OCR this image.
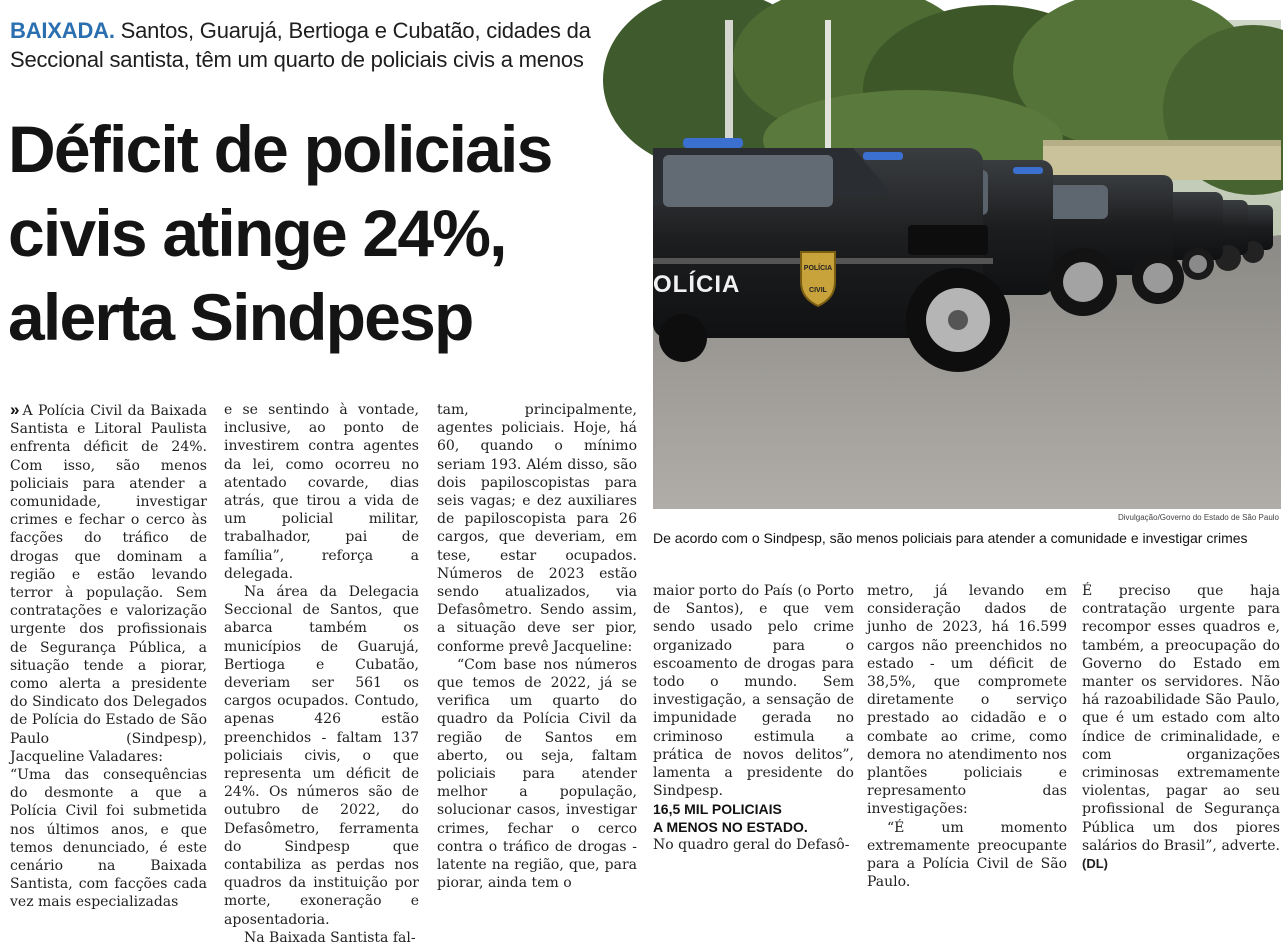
BAIXADA. Santos, Guarujá, Bertioga e Cubatão, cidades da
Seccional santista, têm um quarto de policiais civis a menos

Déficit de policiais
civis atinge 24%,
alerta Sindpesp
POLÍCIA
CIVIL
OLÍCIA
Divulgação/Governo do Estado de São Paulo
De acordo com o Sindpesp, são menos policiais para atender a comunidade e investigar crimes

» A Polícia Civil da Baixada Santista e Litoral Paulista enfrenta déficit de 24%. Com isso, são menos policiais para atender a comunidade, investigar crimes e fechar o cerco às facções do tráfico de drogas que dominam a região e estão levando terror à população. Sem contratações e valorização urgente dos profissionais de Segurança Pública, a situação tende a piorar, como alerta a presidente do Sindicato dos Delegados de Polícia do Estado de São Paulo (Sindpesp), Jacqueline Valadares:

“Uma das consequências do desmonte a que a Polícia Civil foi submetida nos últimos anos, e que temos denunciado, é este cenário na Baixada Santista, com facções cada vez mais especializadas

e se sentindo à vontade, inclusive, ao ponto de investirem contra agentes da lei, como ocorreu no atentado covarde, dias atrás, que tirou a vida de um policial militar, trabalhador, pai de família”, reforça a delegada.

Na área da Delegacia Seccional de Santos, que abarca também os municípios de Guarujá, Bertioga e Cubatão, deveriam ser 561 os cargos ocupados. Contudo, apenas 426 estão preenchidos - faltam 137 policiais civis, o que representa um déficit de 24%. Os números são de outubro de 2022, do Defasômetro, ferramenta do Sindpesp que contabiliza as perdas nos quadros da instituição por morte, exoneração e aposentadoria.

Na Baixada Santista fal-

tam, principalmente, agentes policiais. Hoje, há 60, quando o mínimo seriam 193. Além disso, são dois papiloscopistas para seis vagas; e dez auxiliares de papiloscopista para 26 cargos, que deveriam, em tese, estar ocupados. Números de 2023 estão sendo atualizados, via Defasômetro. Sendo assim, a situação deve ser pior, conforme prevê Jacqueline:

“Com base nos números que temos de 2022, já se verifica um quarto do quadro da Polícia Civil da região de Santos em aberto, ou seja, faltam policiais para atender melhor a população, solucionar casos, investigar crimes, fechar o cerco contra o tráfico de drogas - latente na região, que, para piorar, ainda tem o

maior porto do País (o Porto de Santos), e que vem sendo usado pelo crime organizado para o escoamento de drogas para todo o mundo. Sem investigação, a sensação de impunidade gerada no criminoso estimula a prática de novos delitos”, lamenta a presidente do Sindpesp.

16,5 MIL POLICIAIS
A MENOS NO ESTADO.

No quadro geral do Defasô-

metro, já levando em consideração dados de junho de 2023, há 16.599 cargos não preenchidos no estado - um déficit de 38,5%, que compromete diretamente o serviço prestado ao cidadão e o combate ao crime, como demora no atendimento nos plantões policiais e represamento das investigações:

“É um momento extremamente preocupante para a Polícia Civil de São Paulo.

É preciso que haja contratação urgente para recompor esses quadros e, também, a preocupação do Governo do Estado em manter os servidores. Não há razoabilidade São Paulo, que é um estado com alto índice de criminalidade, e com organizações criminosas extremamente violentas, pagar ao seu profissional de Segurança Pública um dos piores salários do Brasil”, adverte. (DL)
